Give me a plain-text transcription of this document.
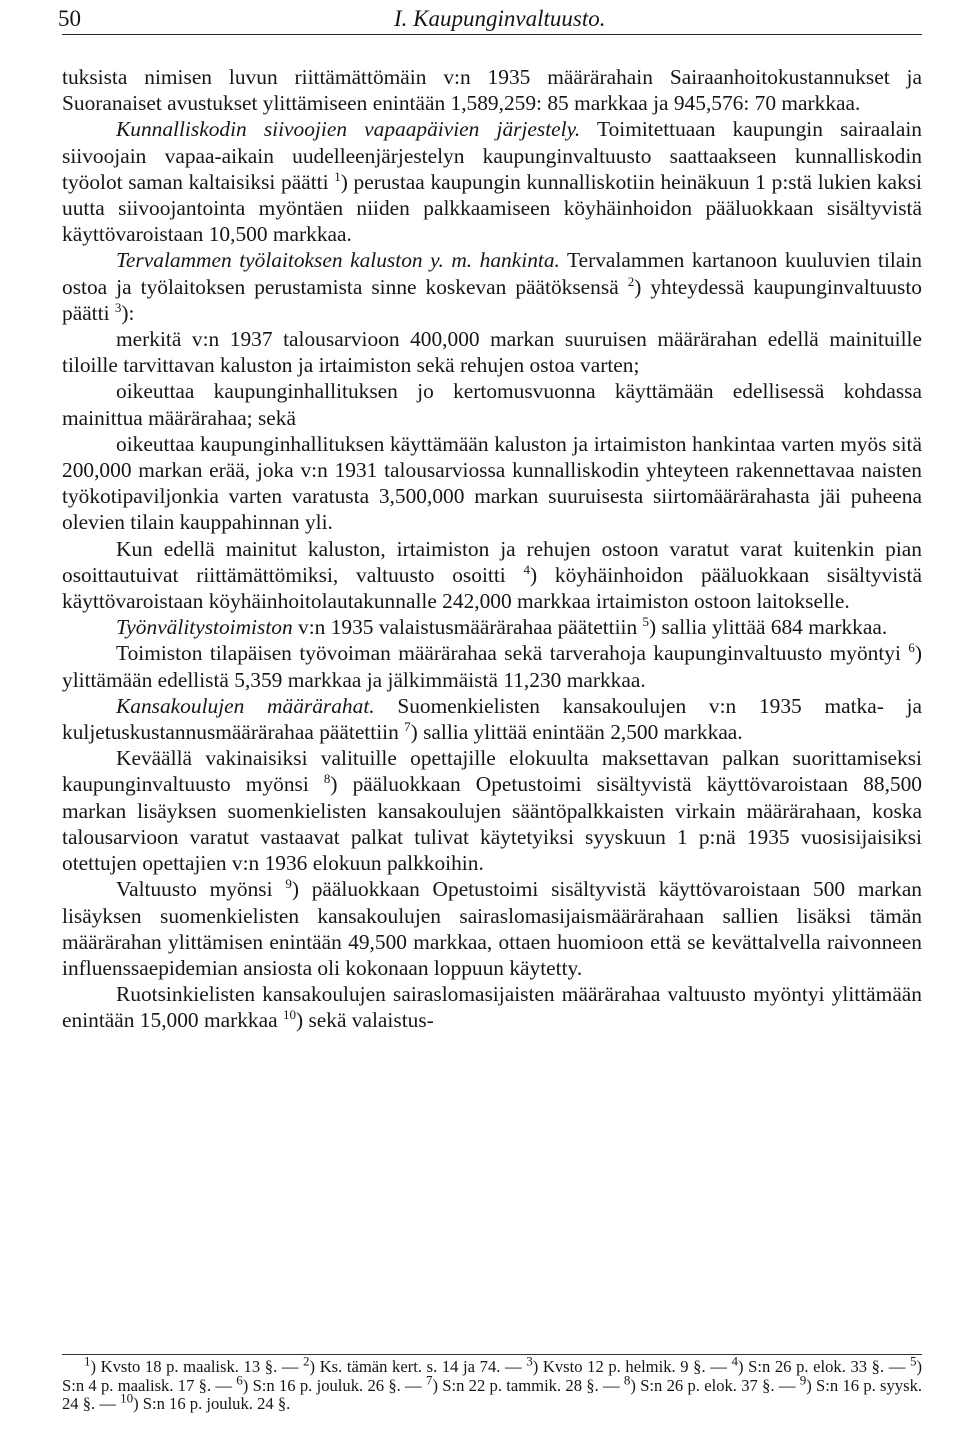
50	I. Kaupunginvaltuusto.

tuksista nimisen luvun riittämättömäin v:n 1935 määrärahain Sairaanhoitokustannukset ja Suoranaiset avustukset ylittämiseen enintään 1,589,259: 85 markkaa ja 945,576: 70 markkaa.

Kunnalliskodin siivoojien vapaapäivien järjestely. Toimitettuaan kaupungin sairaalain siivoojain vapaa-aikain uudelleenjärjestelyn kaupunginvaltuusto saattaakseen kunnalliskodin työolot saman kaltaisiksi päätti $^1$) perustaa kaupungin kunnalliskotiin heinäkuun 1 p:stä lukien kaksi uutta siivoojantointa myöntäen niiden palkkaamiseen köyhäinhoidon pääluokkaan sisältyvistä käyttövaroistaan 10,500 markkaa.

Tervalammen työlaitoksen kaluston y. m. hankinta. Tervalammen kartanoon kuuluvien tilain ostoa ja työlaitoksen perustamista sinne koskevan päätöksensä $^2$) yhteydessä kaupunginvaltuusto päätti $^3$):

merkitä v:n 1937 talousarvioon 400,000 markan suuruisen määrärahan edellä mainituille tiloille tarvittavan kaluston ja irtaimiston sekä rehujen ostoa varten;

oikeuttaa kaupunginhallituksen jo kertomusvuonna käyttämään edellisessä kohdassa mainittua määrärahaa; sekä

oikeuttaa kaupunginhallituksen käyttämään kaluston ja irtaimiston hankintaa varten myös sitä 200,000 markan erää, joka v:n 1931 talousarviossa kunnalliskodin yhteyteen rakennettavaa naisten työkotipaviljonkia varten varatusta 3,500,000 markan suuruisesta siirtomäärärahasta jäi puheena olevien tilain kauppahinnan yli.

Kun edellä mainitut kaluston, irtaimiston ja rehujen ostoon varatut varat kuitenkin pian osoittautuivat riittämättömiksi, valtuusto osoitti $^4$) köyhäinhoidon pääluokkaan sisältyvistä käyttövaroistaan köyhäinhoitolautakunnalle 242,000 markkaa irtaimiston ostoon laitokselle.

Työnvälitystoimiston v:n 1935 valaistusmäärärahaa päätettiin $^5$) sallia ylittää 684 markkaa.

Toimiston tilapäisen työvoiman määrärahaa sekä tarverahoja kaupunginvaltuusto myöntyi $^6$) ylittämään edellistä 5,359 markkaa ja jälkimmäistä 11,230 markkaa.

Kansakoulujen määrärahat. Suomenkielisten kansakoulujen v:n 1935 matka- ja kuljetuskustannusmäärärahaa päätettiin $^7$) sallia ylittää enintään 2,500 markkaa.

Keväällä vakinaisiksi valituille opettajille elokuulta maksettavan palkan suorittamiseksi kaupunginvaltuusto myönsi $^8$) pääluokkaan Opetustoimi sisältyvistä käyttövaroistaan 88,500 markan lisäyksen suomenkielisten kansakoulujen sääntöpalkkaisten virkain määrärahaan, koska talousarvioon varatut vastaavat palkat tulivat käytetyiksi syyskuun 1 p:nä 1935 vuosisijaisiksi otettujen opettajien v:n 1936 elokuun palkkoihin.

Valtuusto myönsi $^9$) pääluokkaan Opetustoimi sisältyvistä käyttövaroistaan 500 markan lisäyksen suomenkielisten kansakoulujen sairaslomasijaismäärärahaan sallien lisäksi tämän määrärahan ylittämisen enintään 49,500 markkaa, ottaen huomioon että se kevättalvella raivonneen influenssaepidemian ansiosta oli kokonaan loppuun käytetty.

Ruotsinkielisten kansakoulujen sairaslomasijaisten määrärahaa valtuusto myöntyi ylittämään enintään 15,000 markkaa $^{10}$) sekä valaistus-

$^1$) Kvsto 18 p. maalisk. 13 §. — $^2$) Ks. tämän kert. s. 14 ja 74. — $^3$) Kvsto 12 p. helmik. 9 §. — $^4$) S:n 26 p. elok. 33 §. — $^5$) S:n 4 p. maalisk. 17 §. — $^6$) S:n 16 p. jouluk. 26 §. — $^7$) S:n 22 p. tammik. 28 §. — $^8$) S:n 26 p. elok. 37 §. — $^9$) S:n 16 p. syysk. 24 §. — $^{10}$) S:n 16 p. jouluk. 24 §.
